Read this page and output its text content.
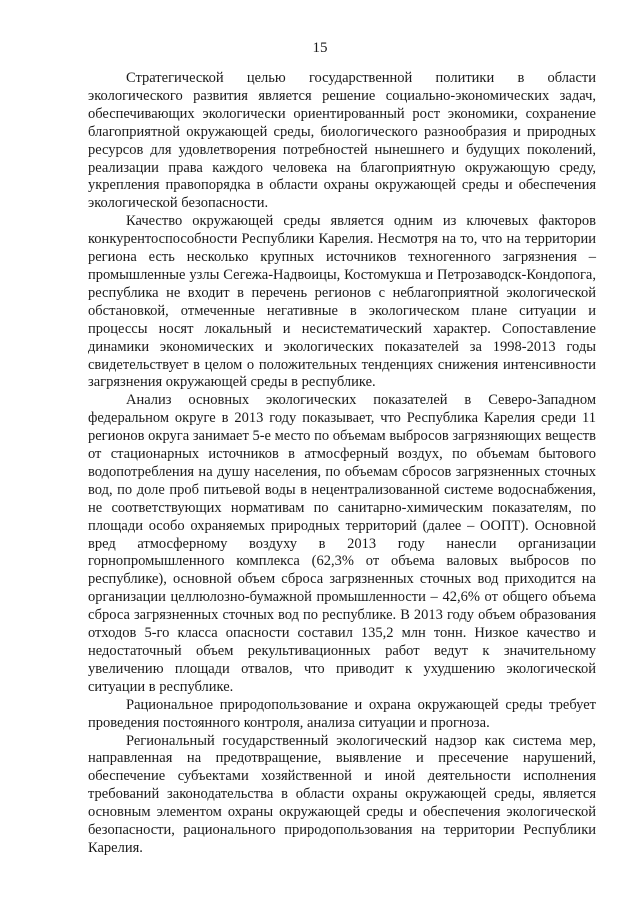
15

Стратегической целью государственной политики в области экологического развития является решение социально-экономических задач, обеспечивающих экологически ориентированный рост экономики, сохранение благоприятной окружающей среды, биологического разнообразия и природных ресурсов для удовлетворения потребностей нынешнего и будущих поколений, реализации права каждого человека на благоприятную окружающую среду, укрепления правопорядка в области охраны окружающей среды и обеспечения экологической безопасности.

Качество окружающей среды является одним из ключевых факторов конкурентоспособности Республики Карелия. Несмотря на то, что на территории региона есть несколько крупных источников техногенного загрязнения – промышленные узлы Сегежа-Надвоицы, Костомукша и Петрозаводск-Кондопога, республика не входит в перечень регионов с неблагоприятной экологической обстановкой, отмеченные негативные в экологическом плане ситуации и процессы носят локальный и несистематический характер. Сопоставление динамики экономических и экологических показателей за 1998-2013 годы свидетельствует в целом о положительных тенденциях снижения интенсивности загрязнения окружающей среды в республике.

Анализ основных экологических показателей в Северо-Западном федеральном округе в 2013 году показывает, что Республика Карелия среди 11 регионов округа занимает 5-е место по объемам выбросов загрязняющих веществ от стационарных источников в атмосферный воздух, по объемам бытового водопотребления на душу населения, по объемам сбросов загрязненных сточных вод, по доле проб питьевой воды в нецентрализованной системе водоснабжения, не соответствующих нормативам по санитарно-химическим показателям, по площади особо охраняемых природных территорий (далее – ООПТ). Основной вред атмосферному воздуху в 2013 году нанесли организации горнопромышленного комплекса (62,3% от объема валовых выбросов по республике), основной объем сброса загрязненных сточных вод приходится на организации целлюлозно-бумажной промышленности – 42,6% от общего объема сброса загрязненных сточных вод по республике. В 2013 году объем образования отходов 5-го класса опасности составил 135,2 млн тонн. Низкое качество и недостаточный объем рекультивационных работ ведут к значительному увеличению площади отвалов, что приводит к ухудшению экологической ситуации в республике.

Рациональное природопользование и охрана окружающей среды требует проведения постоянного контроля, анализа ситуации и прогноза.

Региональный государственный экологический надзор как система мер, направленная на предотвращение, выявление и пресечение нарушений, обеспечение субъектами хозяйственной и иной деятельности исполнения требований законодательства в области охраны окружающей среды, является основным элементом охраны окружающей среды и обеспечения экологической безопасности, рационального природопользования на территории Республики Карелия.
